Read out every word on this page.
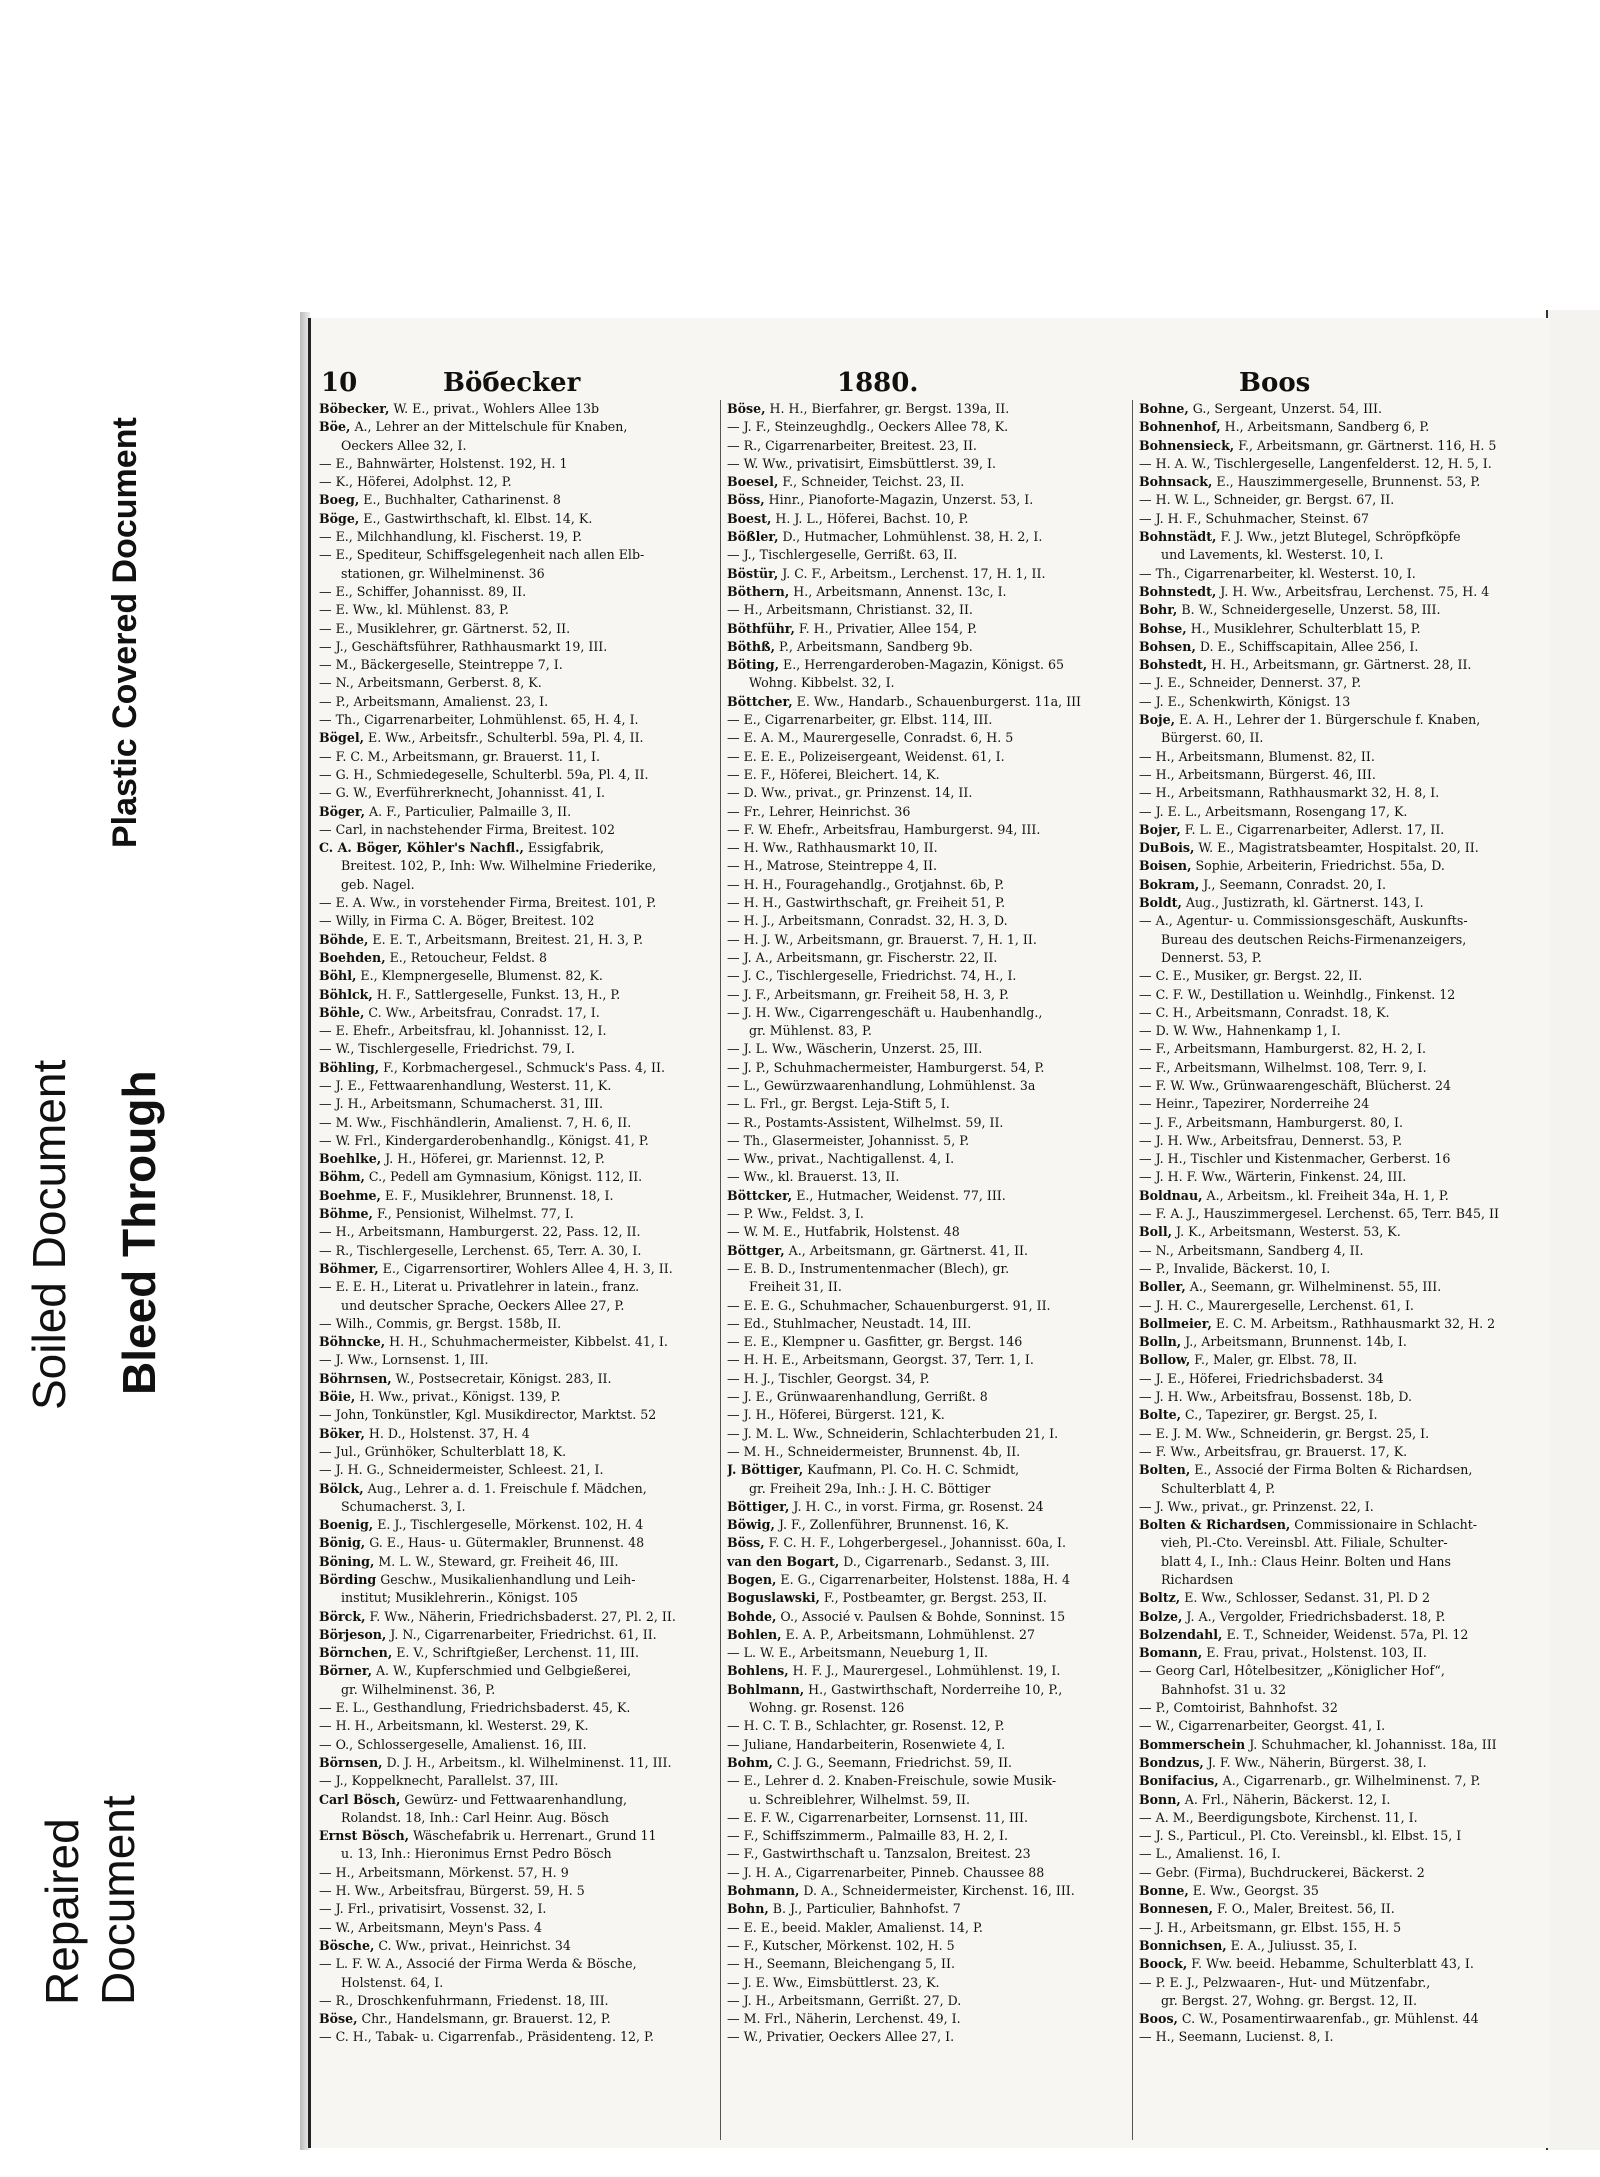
Plastic Covered Document
Soiled Document Bleed Through
Repaired Document
10	Böбecker	1880.	Boos
Böbecker, W. E., privat., Wohlers Allee 13b
Böe, A., Lehrer an der Mittelschule für Knaben,
Oeckers Allee 32, I.
— E., Bahnwärter, Holstenst. 192, H. 1
— K., Höferei, Adolphst. 12, P.
Boeg, E., Buchhalter, Catharinenst. 8
Böge, E., Gastwirthschaft, kl. Elbst. 14, K.
— E., Milchhandlung, kl. Fischerst. 19, P.
— E., Spediteur, Schiffsgelegenheit nach allen Elb-
stationen, gr. Wilhelminenst. 36
— E., Schiffer, Johannisst. 89, II.
— E. Ww., kl. Mühlenst. 83, P.
— E., Musiklehrer, gr. Gärtnerst. 52, II.
— J., Geschäftsführer, Rathhausmarkt 19, III.
— M., Bäckergeselle, Steintreppe 7, I.
— N., Arbeitsmann, Gerberst. 8, K.
— P., Arbeitsmann, Amalienst. 23, I.
— Th., Cigarrenarbeiter, Lohmühlenst. 65, H. 4, I.
Bögel, E. Ww., Arbeitsfr., Schulterbl. 59a, Pl. 4, II.
— F. C. M., Arbeitsmann, gr. Brauerst. 11, I.
— G. H., Schmiedegeselle, Schulterbl. 59a, Pl. 4, II.
— G. W., Everführerknecht, Johannisst. 41, I.
Böger, A. F., Particulier, Palmaille 3, II.
— Carl, in nachstehender Firma, Breitest. 102
C. A. Böger, Köhler's Nachfl., Essigfabrik,
Breitest. 102, P., Inh: Ww. Wilhelmine Friederike,
geb. Nagel.
— E. A. Ww., in vorstehender Firma, Breitest. 101, P.
— Willy, in Firma C. A. Böger, Breitest. 102
Böhde, E. E. T., Arbeitsmann, Breitest. 21, H. 3, P.
Boehden, E., Retoucheur, Feldst. 8
Böhl, E., Klempnergeselle, Blumenst. 82, K.
Böhlck, H. F., Sattlergeselle, Funkst. 13, H., P.
Böhle, C. Ww., Arbeitsfrau, Conradst. 17, I.
— E. Ehefr., Arbeitsfrau, kl. Johannisst. 12, I.
— W., Tischlergeselle, Friedrichst. 79, I.
Böhling, F., Korbmachergesel., Schmuck's Pass. 4, II.
— J. E., Fettwaarenhandlung, Westerst. 11, K.
— J. H., Arbeitsmann, Schumacherst. 31, III.
— M. Ww., Fischhändlerin, Amalienst. 7, H. 6, II.
— W. Frl., Kindergarderobenhandlg., Königst. 41, P.
Boehlke, J. H., Höferei, gr. Mariennst. 12, P.
Böhm, C., Pedell am Gymnasium, Königst. 112, II.
Boehme, E. F., Musiklehrer, Brunnenst. 18, I.
Böhme, F., Pensionist, Wilhelmst. 77, I.
— H., Arbeitsmann, Hamburgerst. 22, Pass. 12, II.
— R., Tischlergeselle, Lerchenst. 65, Terr. A. 30, I.
Böhmer, E., Cigarrensortirer, Wohlers Allee 4, H. 3, II.
— E. E. H., Literat u. Privatlehrer in latein., franz.
und deutscher Sprache, Oeckers Allee 27, P.
— Wilh., Commis, gr. Bergst. 158b, II.
Böhncke, H. H., Schuhmachermeister, Kibbelst. 41, I.
— J. Ww., Lornsenst. 1, III.
Böhrnsen, W., Postsecretair, Königst. 283, II.
Böie, H. Ww., privat., Königst. 139, P.
— John, Tonkünstler, Kgl. Musikdirector, Marktst. 52
Böker, H. D., Holstenst. 37, H. 4
— Jul., Grünhöker, Schulterblatt 18, K.
— J. H. G., Schneidermeister, Schleest. 21, I.
Bölck, Aug., Lehrer a. d. 1. Freischule f. Mädchen,
Schumacherst. 3, I.
Boenig, E. J., Tischlergeselle, Mörkenst. 102, H. 4
Bönig, G. E., Haus- u. Gütermakler, Brunnenst. 48
Böning, M. L. W., Steward, gr. Freiheit 46, III.
Börding Geschw., Musikalienhandlung und Leih-
institut; Musiklehrerin., Königst. 105
Börck, F. Ww., Näherin, Friedrichsbaderst. 27, Pl. 2, II.
Börjeson, J. N., Cigarrenarbeiter, Friedrichst. 61, II.
Börnchen, E. V., Schriftgießer, Lerchenst. 11, III.
Börner, A. W., Kupferschmied und Gelbgießerei,
gr. Wilhelminenst. 36, P.
— E. L., Gesthandlung, Friedrichsbaderst. 45, K.
— H. H., Arbeitsmann, kl. Westerst. 29, K.
— O., Schlossergeselle, Amalienst. 16, III.
Börnsen, D. J. H., Arbeitsm., kl. Wilhelminenst. 11, III.
— J., Koppelknecht, Parallelst. 37, III.
Carl Bösch, Gewürz- und Fettwaarenhandlung,
Rolandst. 18, Inh.: Carl Heinr. Aug. Bösch
Ernst Bösch, Wäschefabrik u. Herrenart., Grund 11
u. 13, Inh.: Hieronimus Ernst Pedro Bösch
— H., Arbeitsmann, Mörkenst. 57, H. 9
— H. Ww., Arbeitsfrau, Bürgerst. 59, H. 5
— J. Frl., privatisirt, Vossenst. 32, I.
— W., Arbeitsmann, Meyn's Pass. 4
Bösche, C. Ww., privat., Heinrichst. 34
— L. F. W. A., Associé der Firma Werda & Bösche,
Holstenst. 64, I.
— R., Droschkenfuhrmann, Friedenst. 18, III.
Böse, Chr., Handelsmann, gr. Brauerst. 12, P.
— C. H., Tabak- u. Cigarrenfab., Präsidenteng. 12, P.
Böse, H. H., Bierfahrer, gr. Bergst. 139a, II.
— J. F., Steinzeughdlg., Oeckers Allee 78, K.
— R., Cigarrenarbeiter, Breitest. 23, II.
— W. Ww., privatisirt, Eimsbüttlerst. 39, I.
Boesel, F., Schneider, Teichst. 23, II.
Böss, Hinr., Pianoforte-Magazin, Unzerst. 53, I.
Boest, H. J. L., Höferei, Bachst. 10, P.
Bößler, D., Hutmacher, Lohmühlenst. 38, H. 2, I.
— J., Tischlergeselle, Gerrißt. 63, II.
Böstür, J. C. F., Arbeitsm., Lerchenst. 17, H. 1, II.
Böthern, H., Arbeitsmann, Annenst. 13c, I.
— H., Arbeitsmann, Christianst. 32, II.
Böthführ, F. H., Privatier, Allee 154, P.
Böthß, P., Arbeitsmann, Sandberg 9b.
Böting, E., Herrengarderoben-Magazin, Königst. 65
Wohng. Kibbelst. 32, I.
Böttcher, E. Ww., Handarb., Schauenburgerst. 11a, III
— E., Cigarrenarbeiter, gr. Elbst. 114, III.
— E. A. M., Maurergeselle, Conradst. 6, H. 5
— E. E. E., Polizeisergeant, Weidenst. 61, I.
— E. F., Höferei, Bleichert. 14, K.
— D. Ww., privat., gr. Prinzenst. 14, II.
— Fr., Lehrer, Heinrichst. 36
— F. W. Ehefr., Arbeitsfrau, Hamburgerst. 94, III.
— H. Ww., Rathhausmarkt 10, II.
— H., Matrose, Steintreppe 4, II.
— H. H., Fouragehandlg., Grotjahnst. 6b, P.
— H. H., Gastwirthschaft, gr. Freiheit 51, P.
— H. J., Arbeitsmann, Conradst. 32, H. 3, D.
— H. J. W., Arbeitsmann, gr. Brauerst. 7, H. 1, II.
— J. A., Arbeitsmann, gr. Fischerstr. 22, II.
— J. C., Tischlergeselle, Friedrichst. 74, H., I.
— J. F., Arbeitsmann, gr. Freiheit 58, H. 3, P.
— J. H. Ww., Cigarrengeschäft u. Haubenhandlg.,
gr. Mühlenst. 83, P.
— J. L. Ww., Wäscherin, Unzerst. 25, III.
— J. P., Schuhmachermeister, Hamburgerst. 54, P.
— L., Gewürzwaarenhandlung, Lohmühlenst. 3a
— L. Frl., gr. Bergst. Leja-Stift 5, I.
— R., Postamts-Assistent, Wilhelmst. 59, II.
— Th., Glasermeister, Johannisst. 5, P.
— Ww., privat., Nachtigallenst. 4, I.
— Ww., kl. Brauerst. 13, II.
Böttcker, E., Hutmacher, Weidenst. 77, III.
— P. Ww., Feldst. 3, I.
— W. M. E., Hutfabrik, Holstenst. 48
Böttger, A., Arbeitsmann, gr. Gärtnerst. 41, II.
— E. B. D., Instrumentenmacher (Blech), gr.
Freiheit 31, II.
— E. E. G., Schuhmacher, Schauenburgerst. 91, II.
— Ed., Stuhlmacher, Neustadt. 14, III.
— E. E., Klempner u. Gasfitter, gr. Bergst. 146
— H. H. E., Arbeitsmann, Georgst. 37, Terr. 1, I.
— H. J., Tischler, Georgst. 34, P.
— J. E., Grünwaarenhandlung, Gerrißt. 8
— J. H., Höferei, Bürgerst. 121, K.
— J. M. L. Ww., Schneiderin, Schlachterbuden 21, I.
— M. H., Schneidermeister, Brunnenst. 4b, II.
J. Böttiger, Kaufmann, Pl. Co. H. C. Schmidt,
gr. Freiheit 29a, Inh.: J. H. C. Böttiger
Böttiger, J. H. C., in vorst. Firma, gr. Rosenst. 24
Böwig, J. F., Zollenführer, Brunnenst. 16, K.
Böss, F. C. H. F., Lohgerbergesel., Johannisst. 60a, I.
van den Bogart, D., Cigarrenarb., Sedanst. 3, III.
Bogen, E. G., Cigarrenarbeiter, Holstenst. 188a, H. 4
Boguslawski, F., Postbeamter, gr. Bergst. 253, II.
Bohde, O., Associé v. Paulsen & Bohde, Sonninst. 15
Bohlen, E. A. P., Arbeitsmann, Lohmühlenst. 27
— L. W. E., Arbeitsmann, Neueburg 1, II.
Bohlens, H. F. J., Maurergesel., Lohmühlenst. 19, I.
Bohlmann, H., Gastwirthschaft, Norderreihe 10, P.,
Wohng. gr. Rosenst. 126
— H. C. T. B., Schlachter, gr. Rosenst. 12, P.
— Juliane, Handarbeiterin, Rosenwiete 4, I.
Bohm, C. J. G., Seemann, Friedrichst. 59, II.
— E., Lehrer d. 2. Knaben-Freischule, sowie Musik-
u. Schreiblehrer, Wilhelmst. 59, II.
— E. F. W., Cigarrenarbeiter, Lornsenst. 11, III.
— F., Schiffszimmerm., Palmaille 83, H. 2, I.
— F., Gastwirthschaft u. Tanzsalon, Breitest. 23
— J. H. A., Cigarrenarbeiter, Pinneb. Chaussee 88
Bohmann, D. A., Schneidermeister, Kirchenst. 16, III.
Bohn, B. J., Particulier, Bahnhofst. 7
— E. E., beeid. Makler, Amalienst. 14, P.
— F., Kutscher, Mörkenst. 102, H. 5
— H., Seemann, Bleichengang 5, II.
— J. E. Ww., Eimsbüttlerst. 23, K.
— J. H., Arbeitsmann, Gerrißt. 27, D.
— M. Frl., Näherin, Lerchenst. 49, I.
— W., Privatier, Oeckers Allee 27, I.
Bohne, G., Sergeant, Unzerst. 54, III.
Bohnenhof, H., Arbeitsmann, Sandberg 6, P.
Bohnensieck, F., Arbeitsmann, gr. Gärtnerst. 116, H. 5
— H. A. W., Tischlergeselle, Langenfelderst. 12, H. 5, I.
Bohnsack, E., Hauszimmergeselle, Brunnenst. 53, P.
— H. W. L., Schneider, gr. Bergst. 67, II.
— J. H. F., Schuhmacher, Steinst. 67
Bohnstädt, F. J. Ww., jetzt Blutegel, Schröpfköpfe
und Lavements, kl. Westerst. 10, I.
— Th., Cigarrenarbeiter, kl. Westerst. 10, I.
Bohnstedt, J. H. Ww., Arbeitsfrau, Lerchenst. 75, H. 4
Bohr, B. W., Schneidergeselle, Unzerst. 58, III.
Bohse, H., Musiklehrer, Schulterblatt 15, P.
Bohsen, D. E., Schiffscapitain, Allee 256, I.
Bohstedt, H. H., Arbeitsmann, gr. Gärtnerst. 28, II.
— J. E., Schneider, Dennerst. 37, P.
— J. E., Schenkwirth, Königst. 13
Boje, E. A. H., Lehrer der 1. Bürgerschule f. Knaben,
Bürgerst. 60, II.
— H., Arbeitsmann, Blumenst. 82, II.
— H., Arbeitsmann, Bürgerst. 46, III.
— H., Arbeitsmann, Rathhausmarkt 32, H. 8, I.
— J. E. L., Arbeitsmann, Rosengang 17, K.
Bojer, F. L. E., Cigarrenarbeiter, Adlerst. 17, II.
DuBois, W. E., Magistratsbeamter, Hospitalst. 20, II.
Boisen, Sophie, Arbeiterin, Friedrichst. 55a, D.
Bokram, J., Seemann, Conradst. 20, I.
Boldt, Aug., Justizrath, kl. Gärtnerst. 143, I.
— A., Agentur- u. Commissionsgeschäft, Auskunfts-
Bureau des deutschen Reichs-Firmenanzeigers,
Dennerst. 53, P.
— C. E., Musiker, gr. Bergst. 22, II.
— C. F. W., Destillation u. Weinhdlg., Finkenst. 12
— C. H., Arbeitsmann, Conradst. 18, K.
— D. W. Ww., Hahnenkamp 1, I.
— F., Arbeitsmann, Hamburgerst. 82, H. 2, I.
— F., Arbeitsmann, Wilhelmst. 108, Terr. 9, I.
— F. W. Ww., Grünwaarengeschäft, Blücherst. 24
— Heinr., Tapezirer, Norderreihe 24
— J. F., Arbeitsmann, Hamburgerst. 80, I.
— J. H. Ww., Arbeitsfrau, Dennerst. 53, P.
— J. H., Tischler und Kistenmacher, Gerberst. 16
— J. H. F. Ww., Wärterin, Finkenst. 24, III.
Boldnau, A., Arbeitsm., kl. Freiheit 34a, H. 1, P.
— F. A. J., Hauszimmergesel. Lerchenst. 65, Terr. B45, II
Boll, J. K., Arbeitsmann, Westerst. 53, K.
— N., Arbeitsmann, Sandberg 4, II.
— P., Invalide, Bäckerst. 10, I.
Boller, A., Seemann, gr. Wilhelminenst. 55, III.
— J. H. C., Maurergeselle, Lerchenst. 61, I.
Bollmeier, E. C. M. Arbeitsm., Rathhausmarkt 32, H. 2
Bolln, J., Arbeitsmann, Brunnenst. 14b, I.
Bollow, F., Maler, gr. Elbst. 78, II.
— J. E., Höferei, Friedrichsbaderst. 34
— J. H. Ww., Arbeitsfrau, Bossenst. 18b, D.
Bolte, C., Tapezirer, gr. Bergst. 25, I.
— E. J. M. Ww., Schneiderin, gr. Bergst. 25, I.
— F. Ww., Arbeitsfrau, gr. Brauerst. 17, K.
Bolten, E., Associé der Firma Bolten & Richardsen,
Schulterblatt 4, P.
— J. Ww., privat., gr. Prinzenst. 22, I.
Bolten & Richardsen, Commissionaire in Schlacht-
vieh, Pl.-Cto. Vereinsbl. Att. Filiale, Schulter-
blatt 4, I., Inh.: Claus Heinr. Bolten und Hans
Richardsen
Boltz, E. Ww., Schlosser, Sedanst. 31, Pl. D 2
Bolze, J. A., Vergolder, Friedrichsbaderst. 18, P.
Bolzendahl, E. T., Schneider, Weidenst. 57a, Pl. 12
Bomann, E. Frau, privat., Holstenst. 103, II.
— Georg Carl, Hôtelbesitzer, „Königlicher Hof“,
Bahnhofst. 31 u. 32
— P., Comtoirist, Bahnhofst. 32
— W., Cigarrenarbeiter, Georgst. 41, I.
Bommerschein J. Schuhmacher, kl. Johannisst. 18a, III
Bondzus, J. F. Ww., Näherin, Bürgerst. 38, I.
Bonifacius, A., Cigarrenarb., gr. Wilhelminenst. 7, P.
Bonn, A. Frl., Näherin, Bäckerst. 12, I.
— A. M., Beerdigungsbote, Kirchenst. 11, I.
— J. S., Particul., Pl. Cto. Vereinsbl., kl. Elbst. 15, I
— L., Amalienst. 16, I.
— Gebr. (Firma), Buchdruckerei, Bäckerst. 2
Bonne, E. Ww., Georgst. 35
Bonnesen, F. O., Maler, Breitest. 56, II.
— J. H., Arbeitsmann, gr. Elbst. 155, H. 5
Bonnichsen, E. A., Juliusst. 35, I.
Boock, F. Ww. beeid. Hebamme, Schulterblatt 43, I.
— P. E. J., Pelzwaaren-, Hut- und Mützenfabr.,
gr. Bergst. 27, Wohng. gr. Bergst. 12, II.
Boos, C. W., Posamentirwaarenfab., gr. Mühlenst. 44
— H., Seemann, Lucienst. 8, I.
